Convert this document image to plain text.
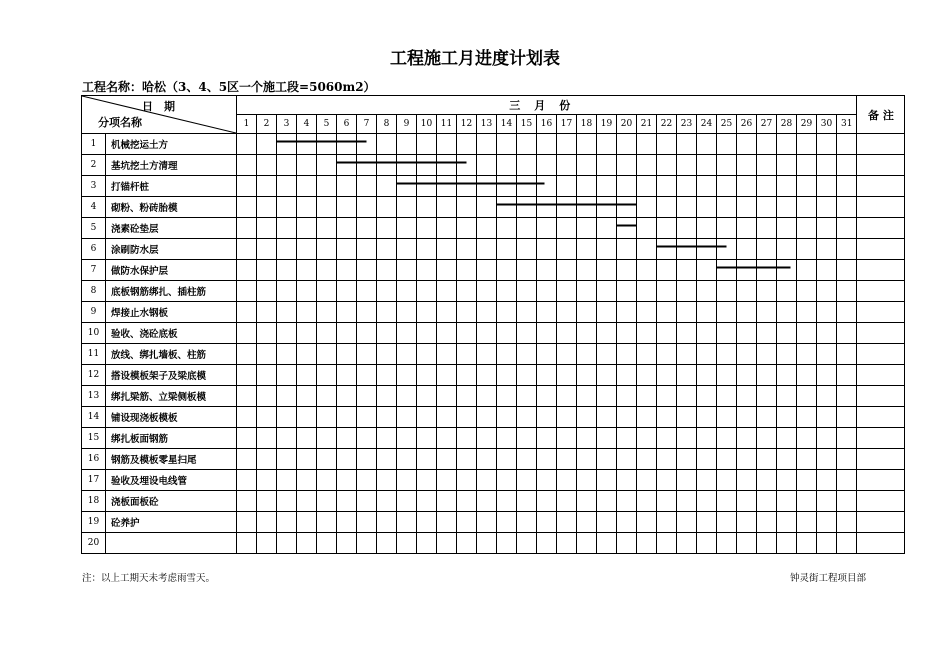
工程施工月进度计划表
工程名称：哈松（3、4、5区一个施工段=5060m2）
日　期
分项名称		三月份																															备 注
		1	2	3	4	5	6	7	8	9	10	11	12	13	14	15	16	17	18	19	20	21	22	23	24	25	26	27	28	29	30	31	
1	机械挖运土方																																
2	基坑挖土方清理																																
3	打锚杆桩																																
4	砌粉、粉砖胎模																																
5	浇素砼垫层																																
6	涂刷防水层																																
7	做防水保护层																																
8	底板钢筋绑扎、插柱筋																																
9	焊接止水钢板																																
10	验收、浇砼底板																																
11	放线、绑扎墙板、柱筋																																
12	搭设模板架子及梁底模																																
13	绑扎梁筋、立梁侧板模																																
14	铺设现浇板模板																																
15	绑扎板面钢筋																																
16	钢筋及模板零星扫尾																																
17	验收及埋设电线管																																
18	浇板面板砼																																
19	砼养护																																
20																																	
注：以上工期天未考虑雨雪天。	钟灵街工程项目部
